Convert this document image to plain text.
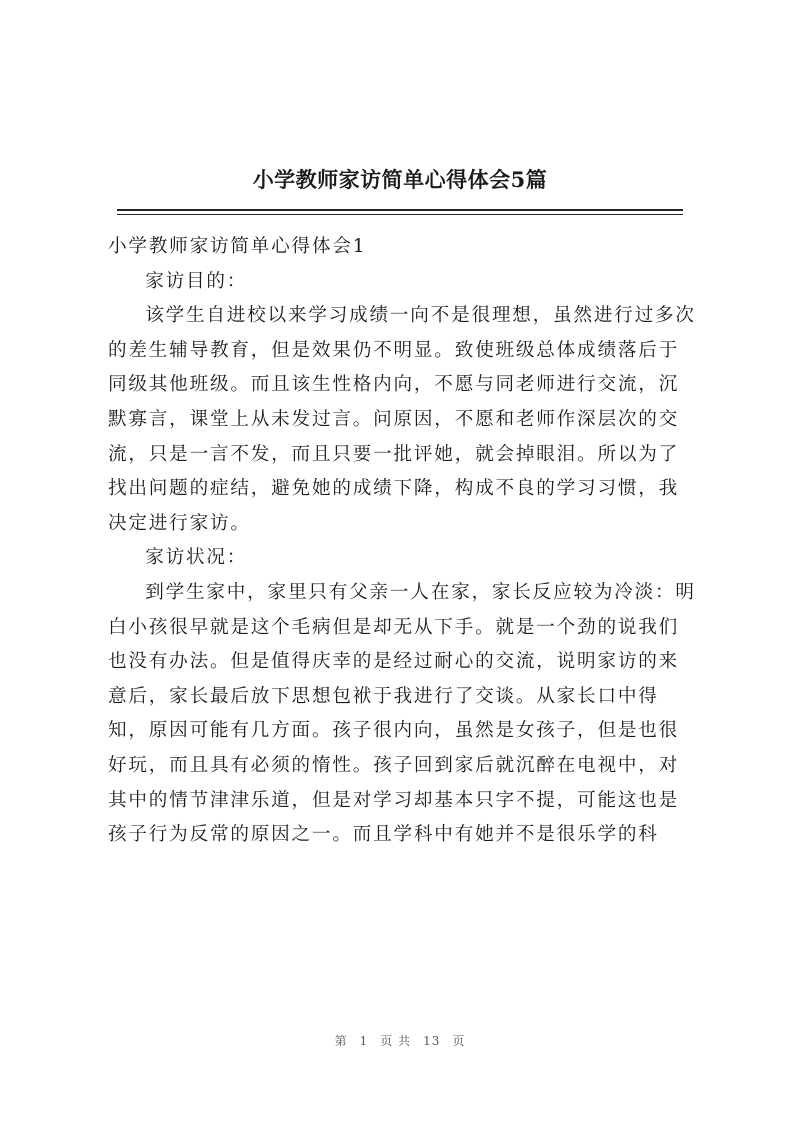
小学教师家访简单心得体会5篇

小学教师家访简单心得体会1

家访目的：

该学生自进校以来学习成绩一向不是很理想，虽然进行过多次的差生辅导教育，但是效果仍不明显。致使班级总体成绩落后于同级其他班级。而且该生性格内向，不愿与同老师进行交流，沉默寡言，课堂上从未发过言。问原因，不愿和老师作深层次的交流，只是一言不发，而且只要一批评她，就会掉眼泪。所以为了找出问题的症结，避免她的成绩下降，构成不良的学习习惯，我决定进行家访。

家访状况：

到学生家中，家里只有父亲一人在家，家长反应较为冷淡：明白小孩很早就是这个毛病但是却无从下手。就是一个劲的说我们也没有办法。但是值得庆幸的是经过耐心的交流，说明家访的来意后，家长最后放下思想包袱于我进行了交谈。从家长口中得知，原因可能有几方面。孩子很内向，虽然是女孩子，但是也很好玩，而且具有必须的惰性。孩子回到家后就沉醉在电视中，对其中的情节津津乐道，但是对学习却基本只字不提，可能这也是孩子行为反常的原因之一。而且学科中有她并不是很乐学的科

第 1 页 共 13 页
